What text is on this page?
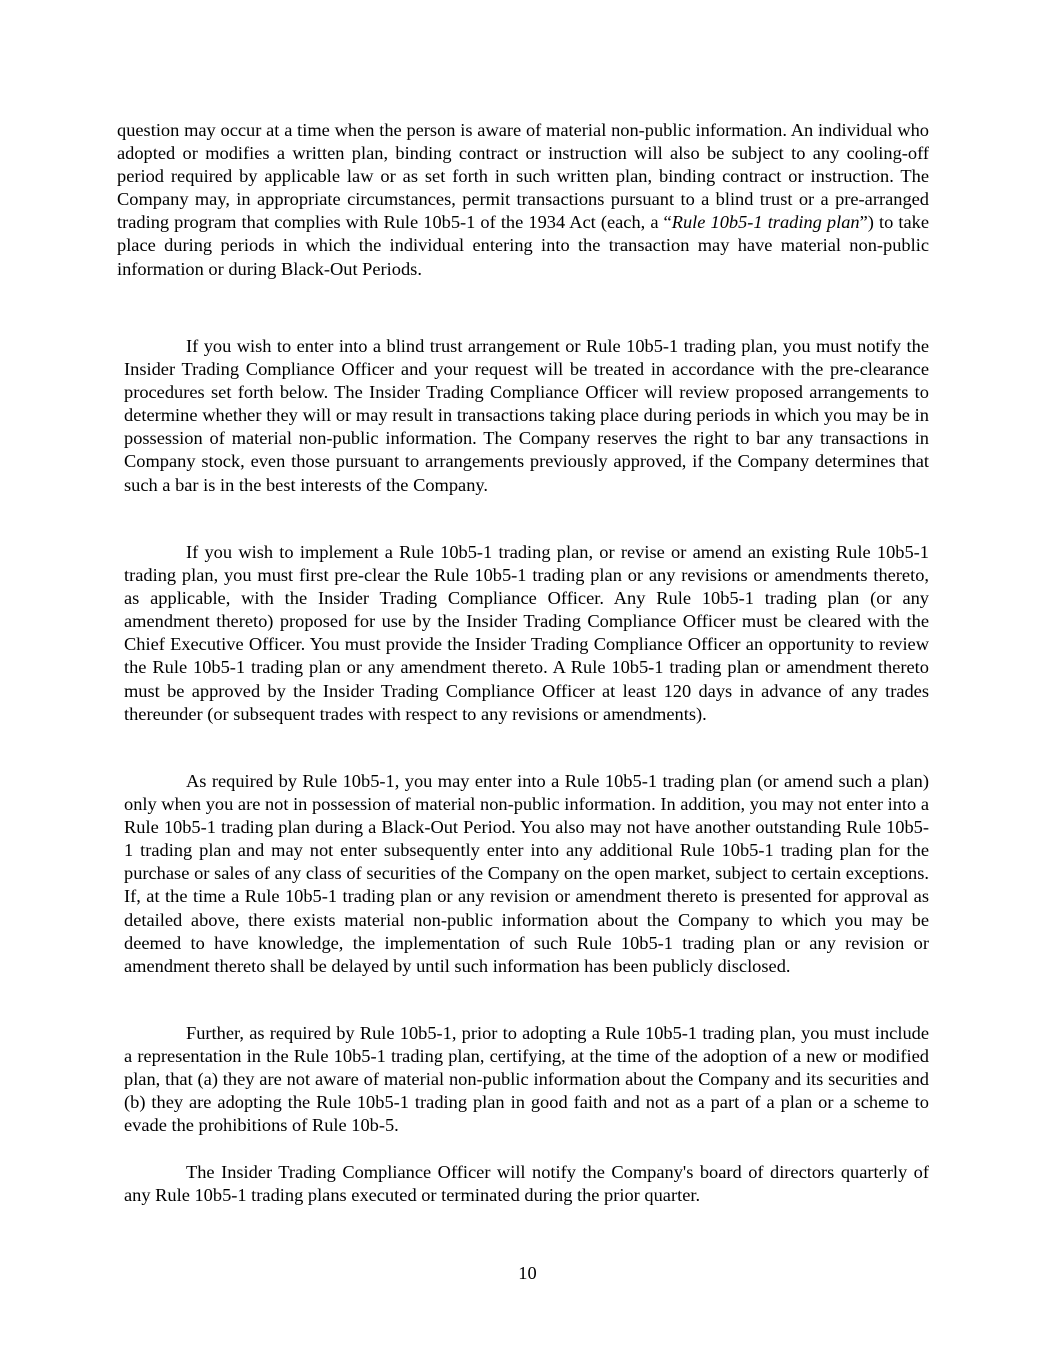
question may occur at a time when the person is aware of material non-public information. An individual who adopted or modifies a written plan, binding contract or instruction will also be subject to any cooling-off period required by applicable law or as set forth in such written plan, binding contract or instruction. The Company may, in appropriate circumstances, permit transactions pursuant to a blind trust or a pre-arranged trading program that complies with Rule 10b5-1 of the 1934 Act (each, a “Rule 10b5-1 trading plan”) to take place during periods in which the individual entering into the transaction may have material non-public information or during Black-Out Periods.

If you wish to enter into a blind trust arrangement or Rule 10b5-1 trading plan, you must notify the Insider Trading Compliance Officer and your request will be treated in accordance with the pre-clearance procedures set forth below. The Insider Trading Compliance Officer will review proposed arrangements to determine whether they will or may result in transactions taking place during periods in which you may be in possession of material non-public information. The Company reserves the right to bar any transactions in Company stock, even those pursuant to arrangements previously approved, if the Company determines that such a bar is in the best interests of the Company.

If you wish to implement a Rule 10b5-1 trading plan, or revise or amend an existing Rule 10b5-1 trading plan, you must first pre-clear the Rule 10b5-1 trading plan or any revisions or amendments thereto, as applicable, with the Insider Trading Compliance Officer. Any Rule 10b5-1 trading plan (or any amendment thereto) proposed for use by the Insider Trading Compliance Officer must be cleared with the Chief Executive Officer. You must provide the Insider Trading Compliance Officer an opportunity to review the Rule 10b5-1 trading plan or any amendment thereto. A Rule 10b5-1 trading plan or amendment thereto must be approved by the Insider Trading Compliance Officer at least 120 days in advance of any trades thereunder (or subsequent trades with respect to any revisions or amendments).

As required by Rule 10b5-1, you may enter into a Rule 10b5-1 trading plan (or amend such a plan) only when you are not in possession of material non-public information. In addition, you may not enter into a Rule 10b5-1 trading plan during a Black-Out Period. You also may not have another outstanding Rule 10b5-1 trading plan and may not enter subsequently enter into any additional Rule 10b5-1 trading plan for the purchase or sales of any class of securities of the Company on the open market, subject to certain exceptions. If, at the time a Rule 10b5-1 trading plan or any revision or amendment thereto is presented for approval as detailed above, there exists material non-public information about the Company to which you may be deemed to have knowledge, the implementation of such Rule 10b5-1 trading plan or any revision or amendment thereto shall be delayed by until such information has been publicly disclosed.

Further, as required by Rule 10b5-1, prior to adopting a Rule 10b5-1 trading plan, you must include a representation in the Rule 10b5-1 trading plan, certifying, at the time of the adoption of a new or modified plan, that (a) they are not aware of material non-public information about the Company and its securities and (b) they are adopting the Rule 10b5-1 trading plan in good faith and not as a part of a plan or a scheme to evade the prohibitions of Rule 10b-5.

The Insider Trading Compliance Officer will notify the Company's board of directors quarterly of any Rule 10b5-1 trading plans executed or terminated during the prior quarter.

10
